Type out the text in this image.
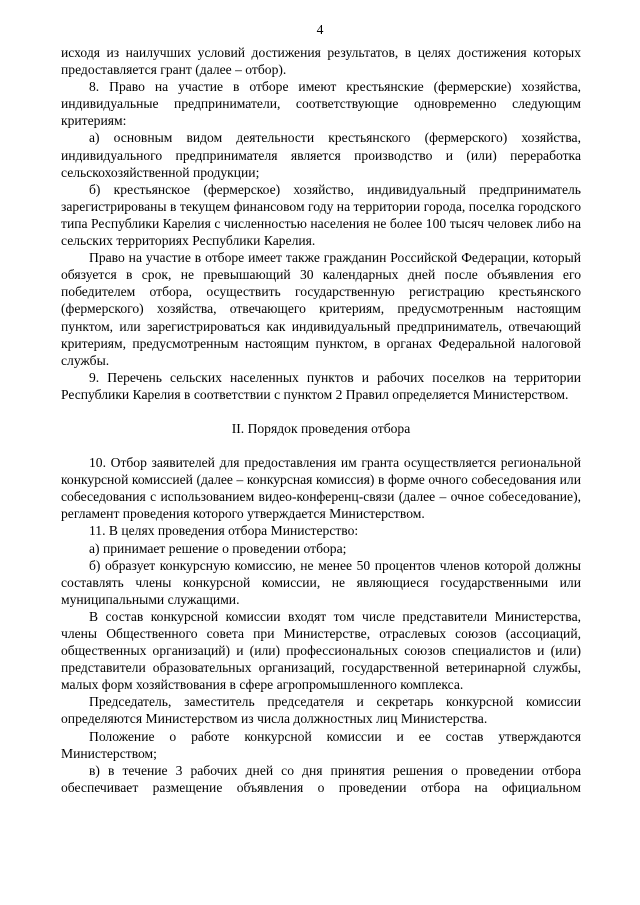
4

исходя из наилучших условий достижения результатов, в целях достижения которых предоставляется грант (далее – отбор).

8. Право на участие в отборе имеют крестьянские (фермерские) хозяйства, индивидуальные предприниматели, соответствующие одновременно следующим критериям:

а) основным видом деятельности крестьянского (фермерского) хозяйства, индивидуального предпринимателя является производство и (или) переработка сельскохозяйственной продукции;

б) крестьянское (фермерское) хозяйство, индивидуальный предприниматель зарегистрированы в текущем финансовом году на территории города, поселка городского типа Республики Карелия с численностью населения не более 100 тысяч человек либо на сельских территориях Республики Карелия.

Право на участие в отборе имеет также гражданин Российской Федерации, который обязуется в срок, не превышающий 30 календарных дней после объявления его победителем отбора, осуществить государственную регистрацию крестьянского (фермерского) хозяйства, отвечающего критериям, предусмотренным настоящим пунктом, или зарегистрироваться как индивидуальный предприниматель, отвечающий критериям, предусмотренным настоящим пунктом, в органах Федеральной налоговой службы.

9. Перечень сельских населенных пунктов и рабочих поселков на территории Республики Карелия в соответствии с пунктом 2 Правил определяется Министерством.

II. Порядок проведения отбора

10. Отбор заявителей для предоставления им гранта осуществляется региональной конкурсной комиссией (далее – конкурсная комиссия) в форме очного собеседования или собеседования с использованием видео-конференц-связи (далее – очное собеседование), регламент проведения которого утверждается Министерством.

11. В целях проведения отбора Министерство:

а) принимает решение о проведении отбора;

б) образует конкурсную комиссию, не менее 50 процентов членов которой должны составлять члены конкурсной комиссии, не являющиеся государственными или муниципальными служащими.

В состав конкурсной комиссии входят том числе представители Министерства, члены Общественного совета при Министерстве, отраслевых союзов (ассоциаций, общественных организаций) и (или) профессиональных союзов специалистов и (или) представители образовательных организаций, государственной ветеринарной службы, малых форм хозяйствования в сфере агропромышленного комплекса.

Председатель, заместитель председателя и секретарь конкурсной комиссии определяются Министерством из числа должностных лиц Министерства.

Положение о работе конкурсной комиссии и ее состав утверждаются Министерством;

в) в течение 3 рабочих дней со дня принятия решения о проведении отбора обеспечивает размещение объявления о проведении отбора на официальном
